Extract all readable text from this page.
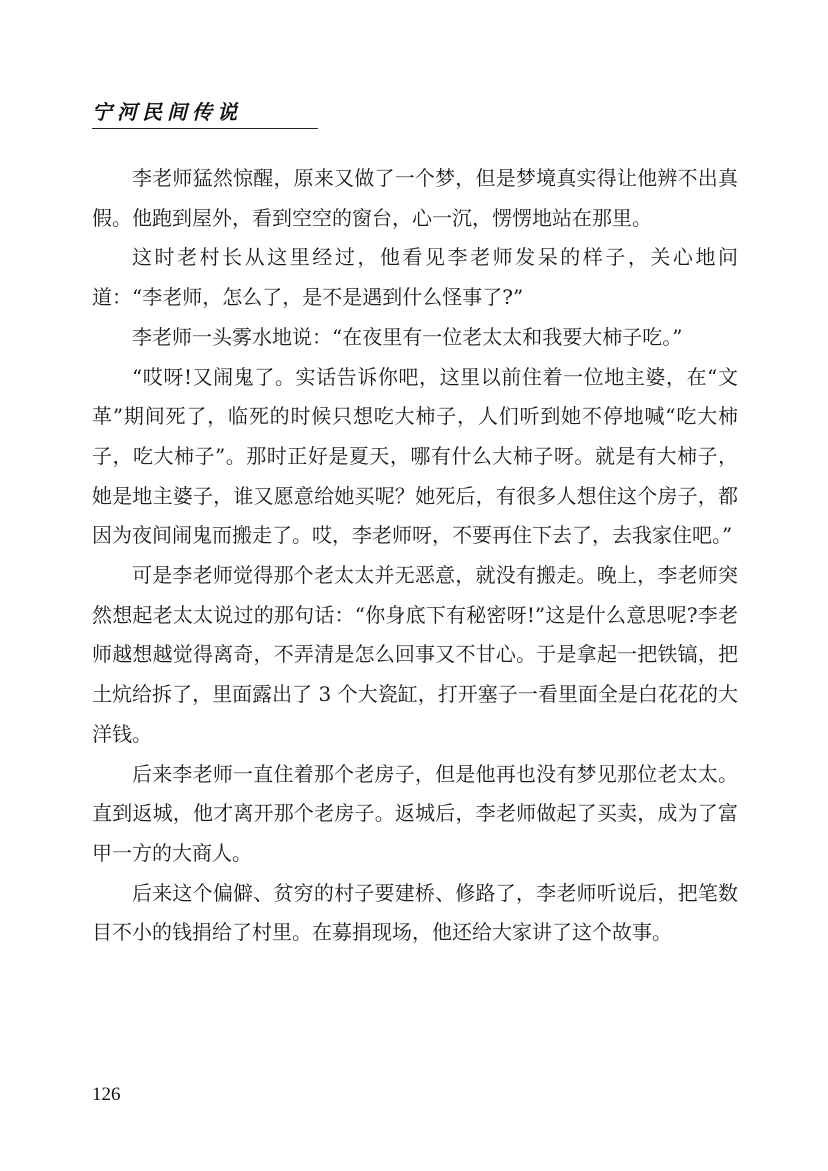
宁河民间传说

李老师猛然惊醒，原来又做了一个梦，但是梦境真实得让他辨不出真假。他跑到屋外，看到空空的窗台，心一沉，愣愣地站在那里。

这时老村长从这里经过，他看见李老师发呆的样子，关心地问道：“李老师，怎么了，是不是遇到什么怪事了?”

李老师一头雾水地说：“在夜里有一位老太太和我要大柿子吃。”

“哎呀!又闹鬼了。实话告诉你吧，这里以前住着一位地主婆，在“文革”期间死了，临死的时候只想吃大柿子，人们听到她不停地喊“吃大柿子，吃大柿子”。那时正好是夏天，哪有什么大柿子呀。就是有大柿子，她是地主婆子，谁又愿意给她买呢？她死后，有很多人想住这个房子，都因为夜间闹鬼而搬走了。哎，李老师呀，不要再住下去了，去我家住吧。”

可是李老师觉得那个老太太并无恶意，就没有搬走。晚上，李老师突然想起老太太说过的那句话：“你身底下有秘密呀!”这是什么意思呢?李老师越想越觉得离奇，不弄清是怎么回事又不甘心。于是拿起一把铁镐，把土炕给拆了，里面露出了 3 个大瓷缸，打开塞子一看里面全是白花花的大洋钱。

后来李老师一直住着那个老房子，但是他再也没有梦见那位老太太。直到返城，他才离开那个老房子。返城后，李老师做起了买卖，成为了富甲一方的大商人。

后来这个偏僻、贫穷的村子要建桥、修路了，李老师听说后，把笔数目不小的钱捐给了村里。在募捐现场，他还给大家讲了这个故事。

126
